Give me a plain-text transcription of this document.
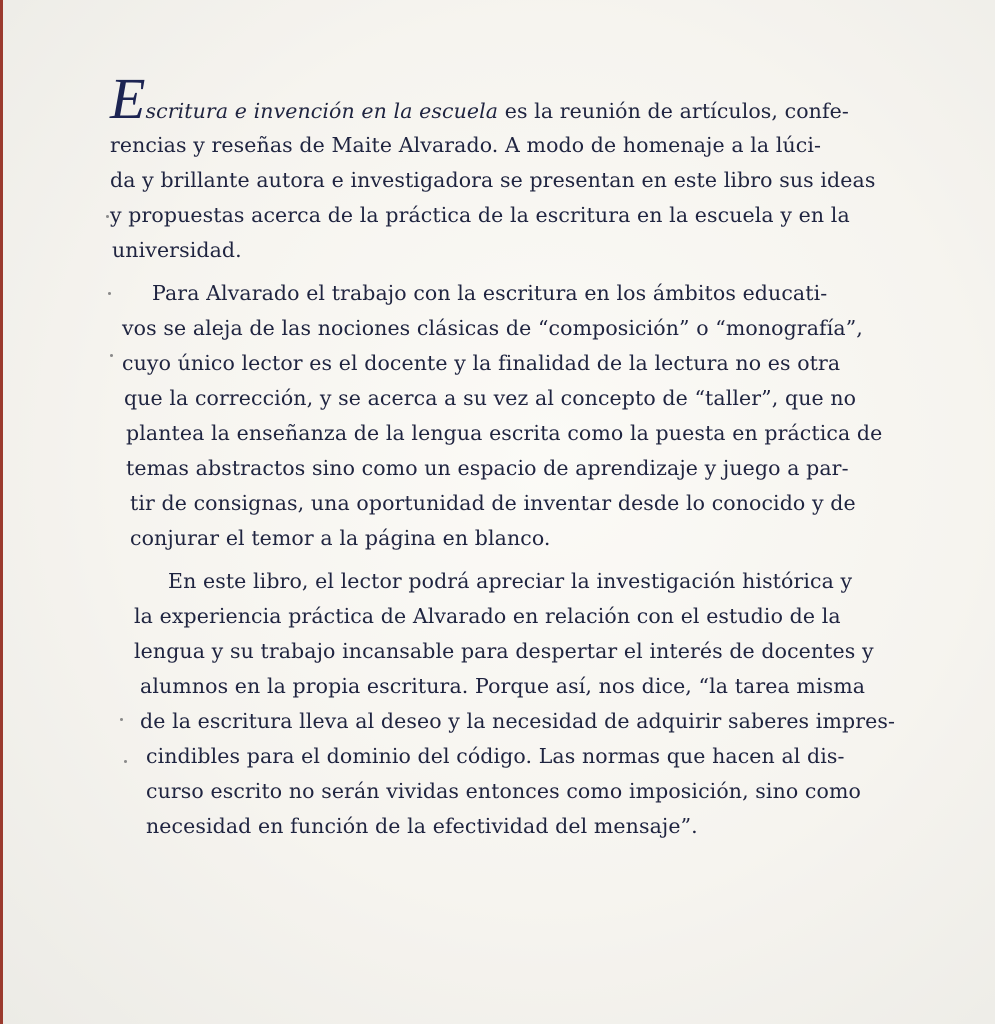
Escritura e invención en la escuela es la reunión de artículos, confe-
rencias y reseñas de Maite Alvarado. A modo de homenaje a la lúci-
da y brillante autora e investigadora se presentan en este libro sus ideas
y propuestas acerca de la práctica de la escritura en la escuela y en la
universidad.
Para Alvarado el trabajo con la escritura en los ámbitos educati-
vos se aleja de las nociones clásicas de “composición” o “monografía”,
cuyo único lector es el docente y la finalidad de la lectura no es otra
que la corrección, y se acerca a su vez al concepto de “taller”, que no
plantea la enseñanza de la lengua escrita como la puesta en práctica de
temas abstractos sino como un espacio de aprendizaje y juego a par-
tir de consignas, una oportunidad de inventar desde lo conocido y de
conjurar el temor a la página en blanco.
En este libro, el lector podrá apreciar la investigación histórica y
la experiencia práctica de Alvarado en relación con el estudio de la
lengua y su trabajo incansable para despertar el interés de docentes y
alumnos en la propia escritura. Porque así, nos dice, “la tarea misma
de la escritura lleva al deseo y la necesidad de adquirir saberes impres-
cindibles para el dominio del código. Las normas que hacen al dis-
curso escrito no serán vividas entonces como imposición, sino como
necesidad en función de la efectividad del mensaje”.
